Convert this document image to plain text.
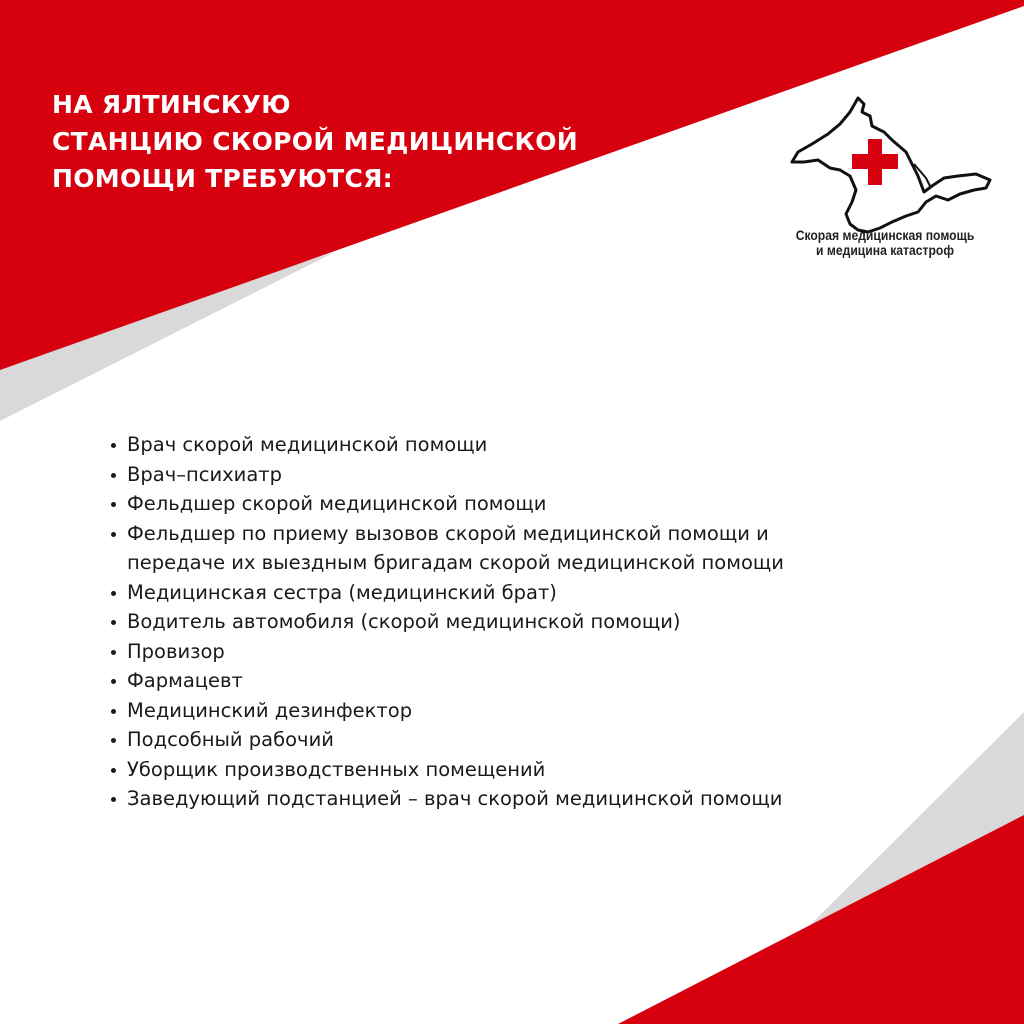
НА ЯЛТИНСКУЮ
СТАНЦИЮ СКОРОЙ МЕДИЦИНСКОЙ
ПОМОЩИ ТРЕБУЮТСЯ:
Скорая медицинская помощь
и медицина катастроф
Врач скорой медицинской помощи
Врач–психиатр
Фельдшер скорой медицинской помощи
Фельдшер по приему вызовов скорой медицинской помощи и
передаче их выездным бригадам скорой медицинской помощи
Медицинская сестра (медицинский брат)
Водитель автомобиля (скорой медицинской помощи)
Провизор
Фармацевт
Медицинский дезинфектор
Подсобный рабочий
Уборщик производственных помещений
Заведующий подстанцией – врач скорой медицинской помощи
